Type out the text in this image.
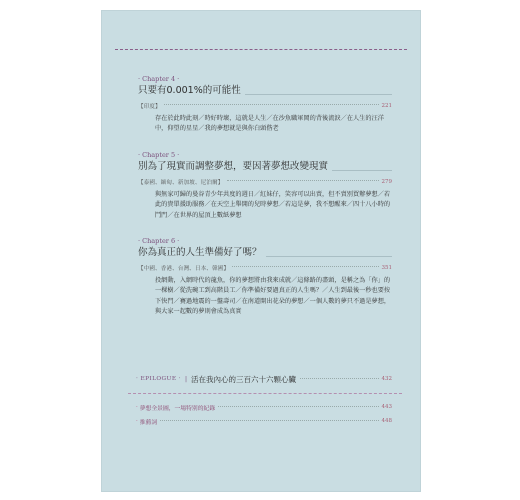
· Chapter 4 ·
只要有0.001%的可能性
【印度】	221
存在於此時此刻／時好時壞，這就是人生／在沙魚職軍岡的背後流淚／在人生的汪洋中，仰望的星星／我的夢想就是與你白頭偕老
· Chapter 5 ·
別為了現實而調整夢想，要因著夢想改變現實
【泰國、緬甸、新加坡、尼泊爾】	279
與無家可歸的曼谷青少年共度的週日／紅妹仔，笑容可以出賣，但不賣別買辦夢想／若此的貴單援助服務／在天空上舉開的兒時夢想／若這是夢，我不想醒來／四十八小時的鬥門／在世界的屋頂上數紙夢想
· Chapter 6 ·
你為真正的人生準備好了嗎？
【中國、香港、台灣、日本、韓國】	351
投網動，入網時代的龍魚，你的夢想將由我來成就／這條路的盡頭，是稱之為「你」的一棵樹／從洗碗工到高階員工／你準備好要過真正的人生嗎？／人生到最後一秒也要按下快門／賽過地震的一盤壽司／在南道開出花朵的夢想／一個人數的夢只不過是夢想，與大家一起數的夢則會成為真實
· EPILOGUE · | 活在我內心的三百六十六顆心臟	432
· 夢想全景圖，一場特別的紀錄	443
· 推薦詞	448
